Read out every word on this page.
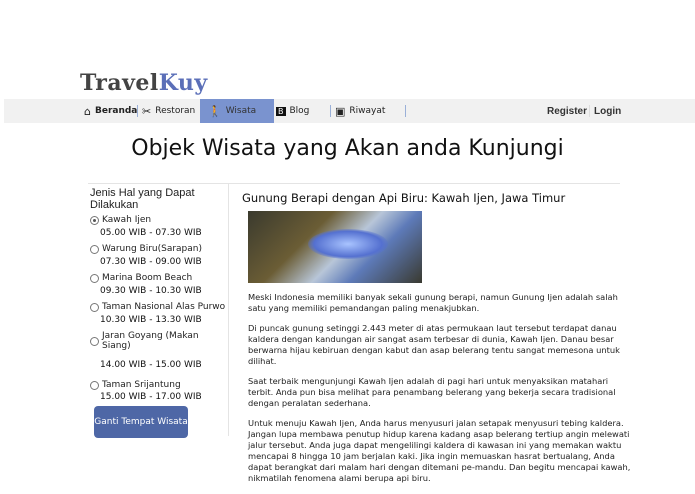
TravelKuy
⌂ Beranda ✂ Restoran 🚶 Wisata	B Blog ▣ Riwayat	Register Login
Objek Wisata yang Akan anda Kunjungi
Jenis Hal yang Dapat Dilakukan
Kawah Ijen
05.00 WIB - 07.30 WIB
Warung Biru(Sarapan)
07.30 WIB - 09.00 WIB
Marina Boom Beach
09.30 WIB - 10.30 WIB
Taman Nasional Alas Purwo
10.30 WIB - 13.30 WIB
Jaran Goyang (Makan Siang)
14.00 WIB - 15.00 WIB
Taman Srijantung
15.00 WIB - 17.00 WIB
Ganti Tempat Wisata
Gunung Berapi dengan Api Biru: Kawah Ijen, Jawa Timur

Meski Indonesia memiliki banyak sekali gunung berapi, namun Gunung Ijen adalah salah satu yang memiliki pemandangan paling menakjubkan.

Di puncak gunung setinggi 2.443 meter di atas permukaan laut tersebut terdapat danau kaldera dengan kandungan air sangat asam terbesar di dunia, Kawah Ijen. Danau besar berwarna hijau kebiruan dengan kabut dan asap belerang tentu sangat memesona untuk dilihat.

Saat terbaik mengunjungi Kawah Ijen adalah di pagi hari untuk menyaksikan matahari terbit. Anda pun bisa melihat para penambang belerang yang bekerja secara tradisional dengan peralatan sederhana.

Untuk menuju Kawah Ijen, Anda harus menyusuri jalan setapak menyusuri tebing kaldera. Jangan lupa membawa penutup hidup karena kadang asap belerang tertiup angin melewati jalur tersebut. Anda juga dapat mengelilingi kaldera di kawasan ini yang memakan waktu mencapai 8 hingga 10 jam berjalan kaki. Jika ingin memuaskan hasrat bertualang, Anda dapat berangkat dari malam hari dengan ditemani pe-mandu. Dan begitu mencapai kawah, nikmatilah fenomena alami berupa api biru.
